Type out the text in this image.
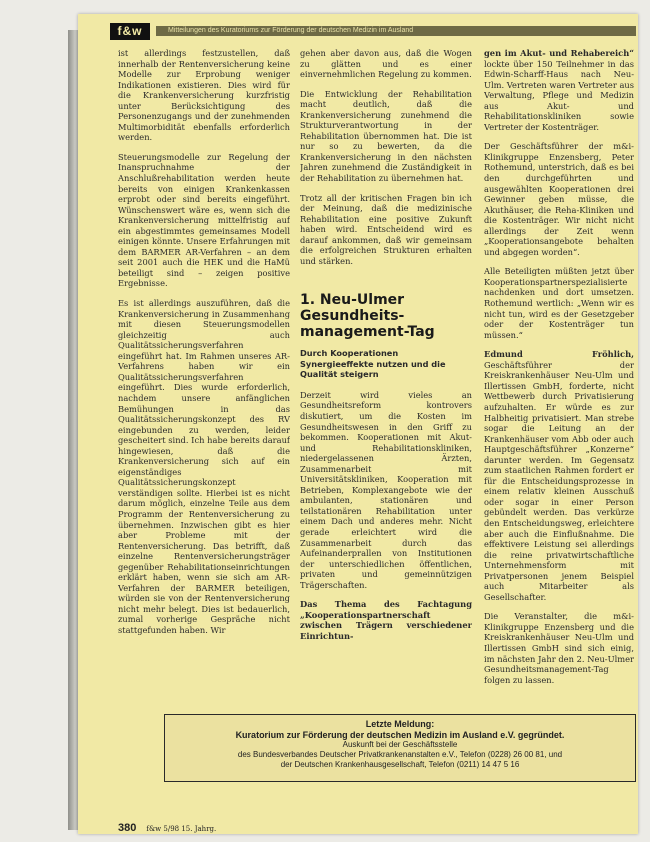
f&w	Mitteilungen des Kuratoriums zur Förderung der deutschen Medizin im Ausland

ist allerdings festzustellen, daß innerhalb der Rentenversicherung keine Modelle zur Erprobung weniger Indikationen existieren. Dies wird für die Krankenversicherung kurzfristig unter Berücksichtigung des Personenzugangs und der zunehmenden Multimorbidität ebenfalls erforderlich werden.

Steuerungsmodelle zur Regelung der Inanspruchnahme der Anschlußrehabilitation werden heute bereits von einigen Krankenkassen erprobt oder sind bereits eingeführt. Wünschenswert wäre es, wenn sich die Krankenversicherung mittelfristig auf ein abgestimmtes gemeinsames Modell einigen könnte. Unsere Erfahrungen mit dem BARMER AR-Verfahren – an dem seit 2001 auch die HEK und die HaMü beteiligt sind – zeigen positive Ergebnisse.

Es ist allerdings auszuführen, daß die Krankenversicherung in Zusammenhang mit diesen Steuerungsmodellen gleichzeitig auch Qualitätssicherungsverfahren eingeführt hat. Im Rahmen unseres AR-Verfahrens haben wir ein Qualitätssicherungsverfahren eingeführt. Dies wurde erforderlich, nachdem unsere anfänglichen Bemühungen in das Qualitätssicherungskonzept des RV eingebunden zu werden, leider gescheitert sind. Ich habe bereits darauf hingewiesen, daß die Krankenversicherung sich auf ein eigenständiges Qualitätssicherungskonzept verständigen sollte. Hierbei ist es nicht darum möglich, einzelne Teile aus dem Programm der Rentenversicherung zu übernehmen. Inzwischen gibt es hier aber Probleme mit der Rentenversicherung. Das betrifft, daß einzelne Rentenversicherungsträger gegenüber Rehabilitationseinrichtungen erklärt haben, wenn sie sich am AR-Verfahren der BARMER beteiligen, würden sie von der Rentenversicherung nicht mehr belegt. Dies ist bedauerlich, zumal vorherige Gespräche nicht stattgefunden haben. Wir

gehen aber davon aus, daß die Wogen zu glätten und es einer einvernehmlichen Regelung zu kommen.

Die Entwicklung der Rehabilitation macht deutlich, daß die Krankenversicherung zunehmend die Strukturverantwortung in der Rehabilitation übernommen hat. Die ist nur so zu bewerten, da die Krankenversicherung in den nächsten Jahren zunehmend die Zuständigkeit in der Rehabilitation zu übernehmen hat.

Trotz all der kritischen Fragen bin ich der Meinung, daß die medizinische Rehabilitation eine positive Zukunft haben wird. Entscheidend wird es darauf ankommen, daß wir gemeinsam die erfolgreichen Strukturen erhalten und stärken.

1. Neu-Ulmer Gesundheits-management-Tag
Durch Kooperationen Synergieeffekte nutzen und die Qualität steigern

Derzeit wird vieles an Gesundheitsreform kontrovers diskutiert, um die Kosten im Gesundheitswesen in den Griff zu bekommen. Kooperationen mit Akut- und Rehabilitationskliniken, niedergelassenen Ärzten, Zusammenarbeit mit Universitätskliniken, Kooperation mit Betrieben, Komplexangebote wie der ambulanten, stationären und teilstationären Rehabilitation unter einem Dach und anderes mehr. Nicht gerade erleichtert wird die Zusammenarbeit durch das Aufeinanderprallen von Institutionen der unterschiedlichen öffentlichen, privaten und gemeinnützigen Trägerschaften.

Das Thema des Fachtagung „Kooperationspartnerschaft zwischen Trägern verschiedener Einrichtun-

gen im Akut- und Rehabereich“ lockte über 150 Teilnehmer in das Edwin-Scharff-Haus nach Neu-Ulm. Vertreten waren Vertreter aus Verwaltung, Pflege und Medizin aus Akut- und Rehabilitationskliniken sowie Vertreter der Kostenträger.

Der Geschäftsführer der m&i-Klinikgruppe Enzensberg, Peter Rothemund, unterstrich, daß es bei den durchgeführten und ausgewählten Kooperationen drei Gewinner geben müsse, die Akuthäuser, die Reha-Kliniken und die Kostenträger. Wir nicht nicht allerdings der Zeit wenn „Kooperationsangebote behalten und abgegen worden“.

Alle Beteiligten müßten jetzt über Kooperationspartnerspezialisierte nachdenken und dort umsetzen. Rothemund wertlich: „Wenn wir es nicht tun, wird es der Gesetzgeber oder der Kostenträger tun müssen.“

Edmund Fröhlich, Geschäftsführer der Kreiskrankenhäuser Neu-Ulm und Illertissen GmbH, forderte, nicht Wettbewerb durch Privatisierung aufzuhalten. Er würde es zur Halbheitig privatisiert. Man strebe sogar die Leitung an der Krankenhäuser vom Abb oder auch Hauptgeschäftsführer „Konzerne“ darunter werden. Im Gegensatz zum staatlichen Rahmen fordert er für die Entscheidungsprozesse in einem relativ kleinen Ausschuß oder sogar in einer Person gebündelt werden. Das verkürze den Entscheidungsweg, erleichtere aber auch die Einflußnahme. Die effektivere Leistung sei allerdings die reine privatwirtschaftliche Unternehmensform mit Privatpersonen jenem Beispiel auch Mitarbeiter als Gesellschafter.

Die Veranstalter, die m&i-Klinikgruppe Enzensberg und die Kreiskrankenhäuser Neu-Ulm und Illertissen GmbH sind sich einig, im nächsten Jahr den 2. Neu-Ulmer Gesundheitsmanagement-Tag folgen zu lassen.

Letzte Meldung:
Kuratorium zur Förderung der deutschen Medizin im Ausland e.V. gegründet.
Auskunft bei der Geschäftsstelle
des Bundesverbandes Deutscher Privatkrankenanstalten e.V., Telefon (0228) 26 00 81, und
der Deutschen Krankenhausgesellschaft, Telefon (0211) 14 47 5 16
380 f&w 5/98 15. Jahrg.
